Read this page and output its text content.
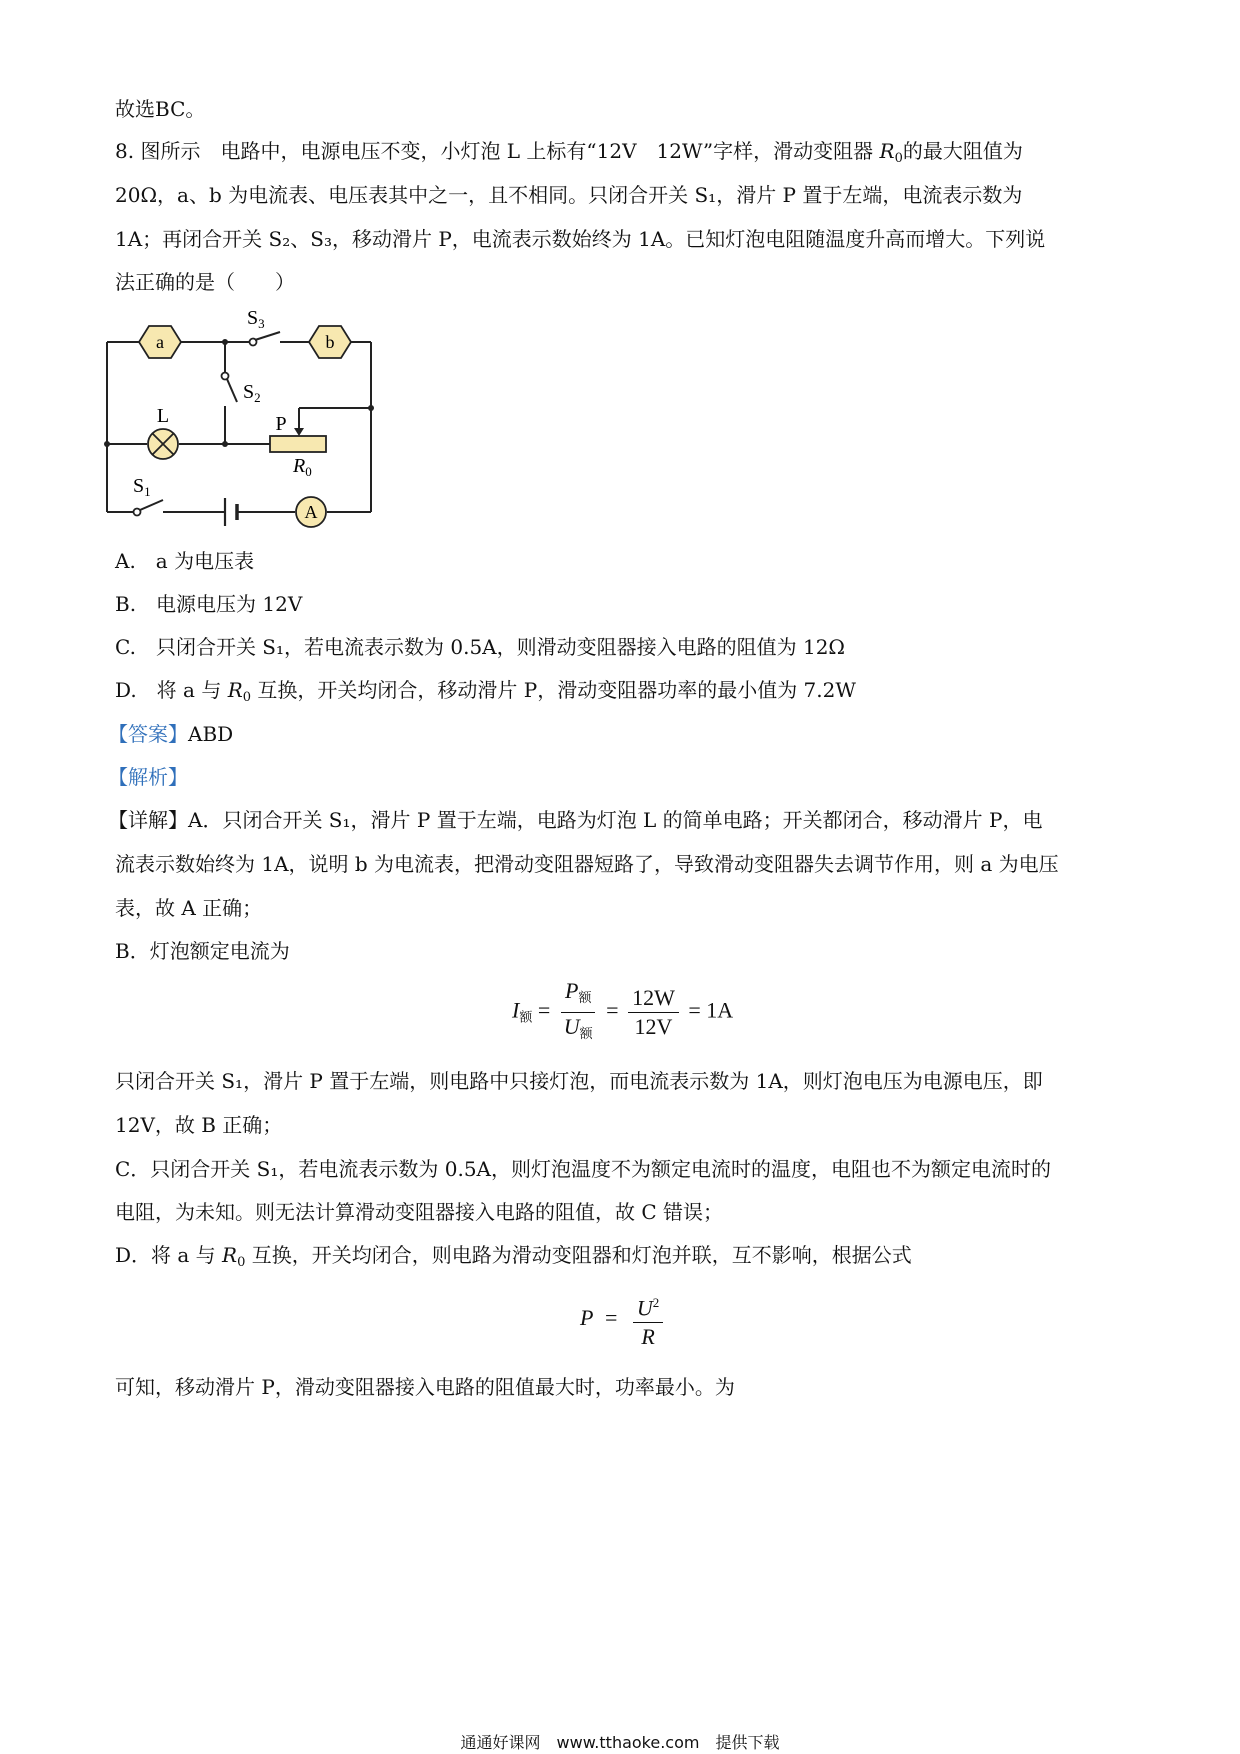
故选BC。
8. 图所示　电路中，电源电压不变，小灯泡 L 上标有“12V　12W”字样，滑动变阻器 $R_0$的最大阻值为
20Ω，a、b 为电流表、电压表其中之一，且不相同。只闭合开关 S₁，滑片 P 置于左端，电流表示数为
1A；再闭合开关 S₂、S₃，移动滑片 P，电流表示数始终为 1A。已知灯泡电阻随温度升高而增大。下列说
法正确的是（　　）
a	b
L	P
$R_0$
A
$S_3$
$S_2$
$S_1$
A.　a 为电压表
B.　电源电压为 12V
C.　只闭合开关 S₁，若电流表示数为 0.5A，则滑动变阻器接入电路的阻值为 12Ω
D.　将 a 与 $R_0$ 互换，开关均闭合，移动滑片 P，滑动变阻器功率的最小值为 7.2W
【答案】ABD
【解析】
【详解】A．只闭合开关 S₁，滑片 P 置于左端，电路为灯泡 L 的简单电路；开关都闭合，移动滑片 P，电
流表示数始终为 1A，说明 b 为电流表，把滑动变阻器短路了，导致滑动变阻器失去调节作用，则 a 为电压
表，故 A 正确；
B．灯泡额定电流为
$I_额 = \frac{P_额}{U_额} = \frac{12W}{12V} = 1A$
只闭合开关 S₁，滑片 P 置于左端，则电路中只接灯泡，而电流表示数为 1A，则灯泡电压为电源电压，即
12V，故 B 正确；
C．只闭合开关 S₁，若电流表示数为 0.5A，则灯泡温度不为额定电流时的温度，电阻也不为额定电流时的
电阻，为未知。则无法计算滑动变阻器接入电路的阻值，故 C 错误；
D．将 a 与 $R_0$ 互换，开关均闭合，则电路为滑动变阻器和灯泡并联，互不影响，根据公式
$P = \frac{U^2}{R}$
可知，移动滑片 P，滑动变阻器接入电路的阻值最大时，功率最小。为
通通好课网　www.tthaoke.com　提供下载
